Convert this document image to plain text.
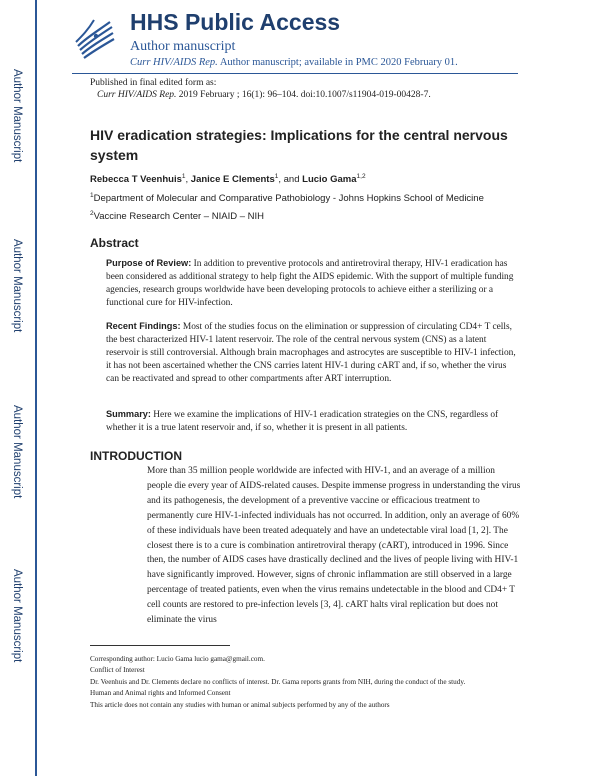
Author Manuscript
Author Manuscript
Author Manuscript
Author Manuscript
HHS Public Access
Author manuscript
Curr HIV/AIDS Rep. Author manuscript; available in PMC 2020 February 01.
Published in final edited form as:
Curr HIV/AIDS Rep. 2019 February ; 16(1): 96–104. doi:10.1007/s11904-019-00428-7.
HIV eradication strategies: Implications for the central nervous system
Rebecca T Veenhuis$^1$, Janice E Clements$^1$, and Lucio Gama$^{1,2}$
$^1$Department of Molecular and Comparative Pathobiology - Johns Hopkins School of Medicine
$^2$Vaccine Research Center – NIAID – NIH
Abstract
Purpose of Review: In addition to preventive protocols and antiretroviral therapy, HIV-1 eradication has been considered as additional strategy to help fight the AIDS epidemic. With the support of multiple funding agencies, research groups worldwide have been developing protocols to achieve either a sterilizing or a functional cure for HIV-infection.
Recent Findings: Most of the studies focus on the elimination or suppression of circulating CD4+ T cells, the best characterized HIV-1 latent reservoir. The role of the central nervous system (CNS) as a latent reservoir is still controversial. Although brain macrophages and astrocytes are susceptible to HIV-1 infection, it has not been ascertained whether the CNS carries latent HIV-1 during cART and, if so, whether the virus can be reactivated and spread to other compartments after ART interruption.
Summary: Here we examine the implications of HIV-1 eradication strategies on the CNS, regardless of whether it is a true latent reservoir and, if so, whether it is present in all patients.
INTRODUCTION
More than 35 million people worldwide are infected with HIV-1, and an average of a million people die every year of AIDS-related causes. Despite immense progress in understanding the virus and its pathogenesis, the development of a preventive vaccine or efficacious treatment to permanently cure HIV-1-infected individuals has not occurred. In addition, only an average of 60% of these individuals have been treated adequately and have an undetectable viral load [1, 2]. The closest there is to a cure is combination antiretroviral therapy (cART), introduced in 1996. Since then, the number of AIDS cases have drastically declined and the lives of people living with HIV-1 have significantly improved. However, signs of chronic inflammation are still observed in a large percentage of treated patients, even when the virus remains undetectable in the blood and CD4+ T cell counts are restored to pre-infection levels [3, 4]. cART halts viral replication but does not eliminate the virus
Corresponding author: Lucio Gama lucio gama@gmail.com.
Conflict of Interest
Dr. Veenhuis and Dr. Clements declare no conflicts of interest. Dr. Gama reports grants from NIH, during the conduct of the study.
Human and Animal rights and Informed Consent
This article does not contain any studies with human or animal subjects performed by any of the authors
